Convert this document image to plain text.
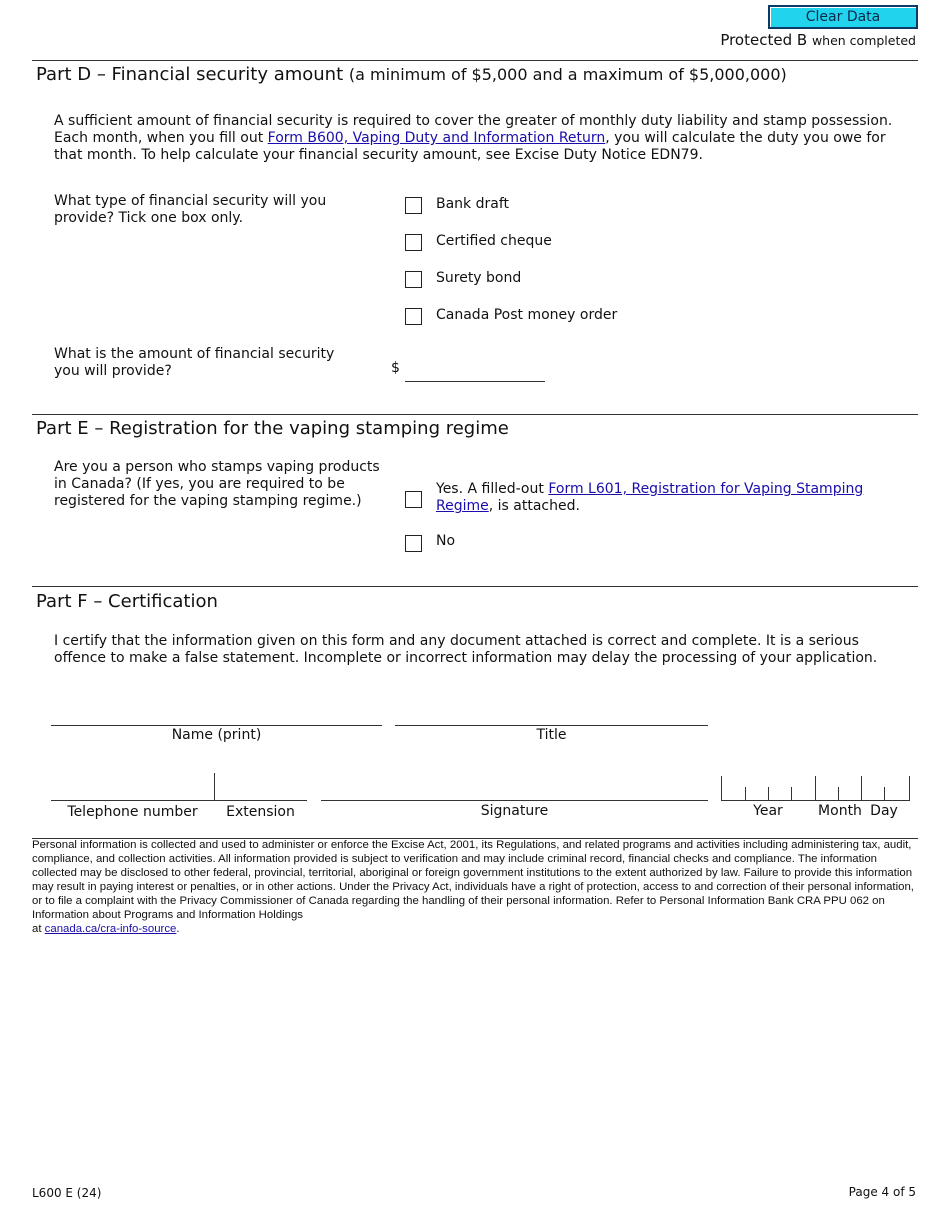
Clear Data
Protected B when completed
Part D – Financial security amount (a minimum of $5,000 and a maximum of $5,000,000)
A sufficient amount of financial security is required to cover the greater of monthly duty liability and stamp possession. Each month, when you fill out Form B600, Vaping Duty and Information Return, you will calculate the duty you owe for that month. To help calculate your financial security amount, see Excise Duty Notice EDN79.
What type of financial security will you provide? Tick one box only.
Bank draft
Certified cheque
Surety bond
Canada Post money order
What is the amount of financial security you will provide?	$
Part E – Registration for the vaping stamping regime
Are you a person who stamps vaping products in Canada? (If yes, you are required to be registered for the vaping stamping regime.)
Yes. A filled-out Form L601, Registration for Vaping Stamping Regime, is attached.
No
Part F – Certification
I certify that the information given on this form and any document attached is correct and complete. It is a serious offence to make a false statement. Incomplete or incorrect information may delay the processing of your application.
Name (print)	Title
Telephone number	Extension	Signature	Year	Month Day
Personal information is collected and used to administer or enforce the Excise Act, 2001, its Regulations, and related programs and activities including administering tax, audit, compliance, and collection activities. All information provided is subject to verification and may include criminal record, financial checks and compliance. The information collected may be disclosed to other federal, provincial, territorial, aboriginal or foreign government institutions to the extent authorized by law. Failure to provide this information may result in paying interest or penalties, or in other actions. Under the Privacy Act, individuals have a right of protection, access to and correction of their personal information, or to file a complaint with the Privacy Commissioner of Canada regarding the handling of their personal information. Refer to Personal Information Bank CRA PPU 062 on Information about Programs and Information Holdings
at canada.ca/cra-info-source.
L600 E (24)	Page 4 of 5
